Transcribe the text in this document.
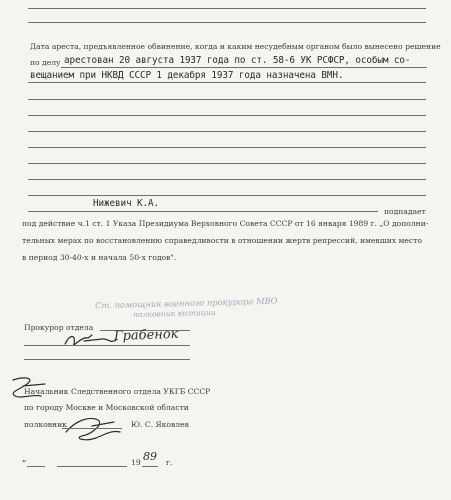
Дата ареста, предъявленное обвинение, когда и каким несудебным органом было вынесено решение
по делу арестован 20 августа 1937 года по ст. 58-6 УК РСФСР, особым со-
вещанием при НКВД СССР 1 декабря 1937 года назначена ВМН.
Нижевич К.А.
подпадает
под действие ч.1 ст. 1 Указа Президиума Верховного Совета СССР от 16 января 1989 г. „О дополни-
тельных мерах по восстановлению справедливости в отношении жертв репрессий, имевших место
в период 30-40-х и начала 50-х годов".
Ст. помощник военного прокурора МВО
полковник юстиции
Прокурор отдела Грабенок
Начальник Следственного отдела УКГБ СССР
по городу Москве и Московской области
полковник	Ю. С. Яковлев
„	19 89 г.
